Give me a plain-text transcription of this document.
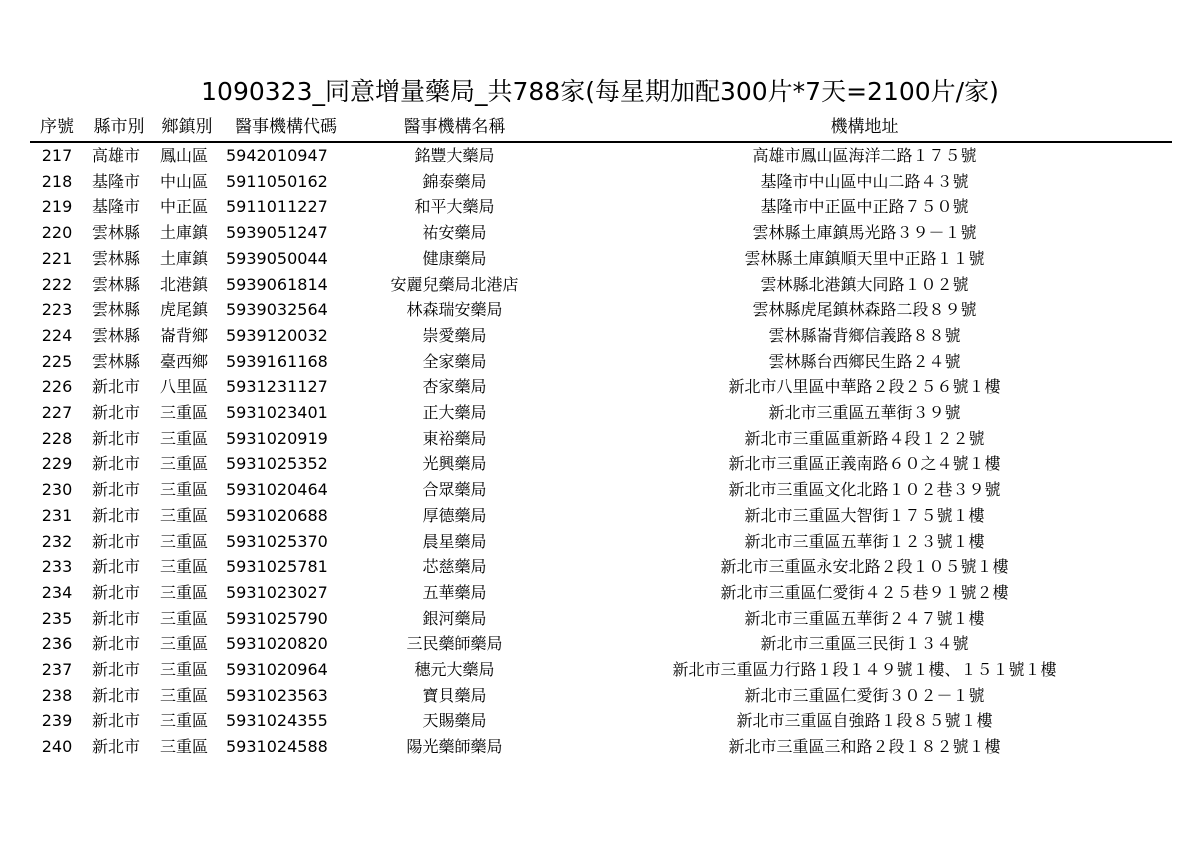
1090323_同意增量藥局_共788家(每星期加配300片*7天=2100片/家)
序號	縣市別	鄉鎮別	醫事機構代碼	醫事機構名稱	機構地址
217	高雄市	鳳山區	5942010947	銘豐大藥局	高雄市鳳山區海洋二路１７５號
218	基隆市	中山區	5911050162	錦泰藥局	基隆市中山區中山二路４３號
219	基隆市	中正區	5911011227	和平大藥局	基隆市中正區中正路７５０號
220	雲林縣	土庫鎮	5939051247	祐安藥局	雲林縣土庫鎮馬光路３９－１號
221	雲林縣	土庫鎮	5939050044	健康藥局	雲林縣土庫鎮順天里中正路１１號
222	雲林縣	北港鎮	5939061814	安麗兒藥局北港店	雲林縣北港鎮大同路１０２號
223	雲林縣	虎尾鎮	5939032564	林森瑞安藥局	雲林縣虎尾鎮林森路二段８９號
224	雲林縣	崙背鄉	5939120032	崇愛藥局	雲林縣崙背鄉信義路８８號
225	雲林縣	臺西鄉	5939161168	全家藥局	雲林縣台西鄉民生路２４號
226	新北市	八里區	5931231127	杏家藥局	新北市八里區中華路２段２５６號１樓
227	新北市	三重區	5931023401	正大藥局	新北市三重區五華街３９號
228	新北市	三重區	5931020919	東裕藥局	新北市三重區重新路４段１２２號
229	新北市	三重區	5931025352	光興藥局	新北市三重區正義南路６０之４號１樓
230	新北市	三重區	5931020464	合眾藥局	新北市三重區文化北路１０２巷３９號
231	新北市	三重區	5931020688	厚德藥局	新北市三重區大智街１７５號１樓
232	新北市	三重區	5931025370	晨星藥局	新北市三重區五華街１２３號１樓
233	新北市	三重區	5931025781	芯慈藥局	新北市三重區永安北路２段１０５號１樓
234	新北市	三重區	5931023027	五華藥局	新北市三重區仁愛街４２５巷９１號２樓
235	新北市	三重區	5931025790	銀河藥局	新北市三重區五華街２４７號１樓
236	新北市	三重區	5931020820	三民藥師藥局	新北市三重區三民街１３４號
237	新北市	三重區	5931020964	穗元大藥局	新北市三重區力行路１段１４９號１樓、１５１號１樓
238	新北市	三重區	5931023563	寶貝藥局	新北市三重區仁愛街３０２－１號
239	新北市	三重區	5931024355	天賜藥局	新北市三重區自強路１段８５號１樓
240	新北市	三重區	5931024588	陽光藥師藥局	新北市三重區三和路２段１８２號１樓
